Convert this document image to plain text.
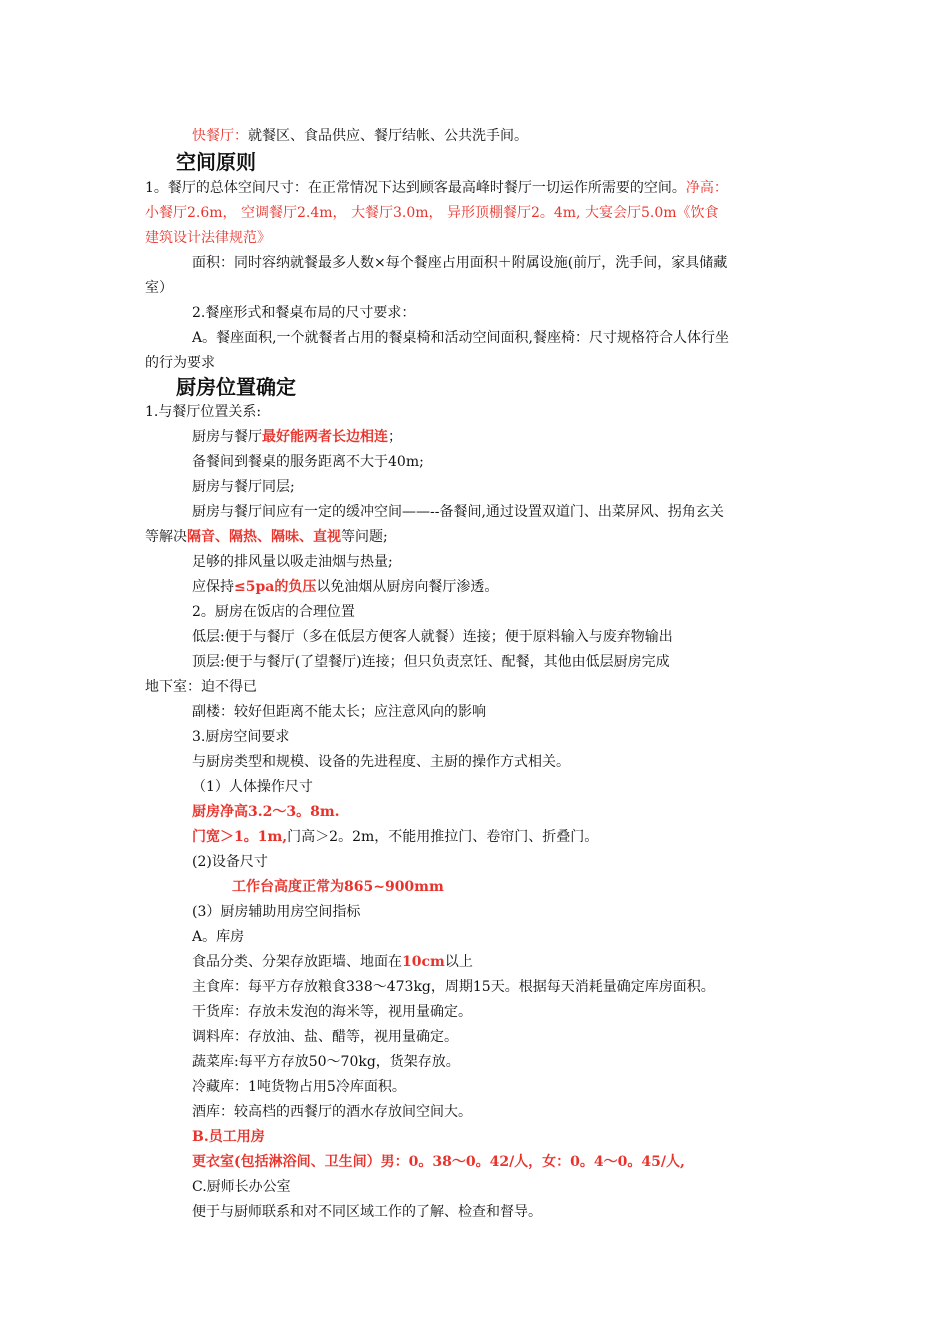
快餐厅：就餐区、食品供应、餐厅结帐、公共洗手间。
空间原则
1。餐厅的总体空间尺寸：在正常情况下达到顾客最高峰时餐厅一切运作所需要的空间。净高：
小餐厅2.6m， 空调餐厅2.4m， 大餐厅3.0m， 异形顶棚餐厅2。4m, 大宴会厅5.0m《饮食
建筑设计法律规范》
面积：同时容纳就餐最多人数×每个餐座占用面积＋附属设施(前厅，洗手间，家具储藏
室）
2.餐座形式和餐桌布局的尺寸要求：
A。餐座面积,一个就餐者占用的餐桌椅和活动空间面积,餐座椅：尺寸规格符合人体行坐
的行为要求
厨房位置确定
1.与餐厅位置关系:
厨房与餐厅最好能两者长边相连；
备餐间到餐桌的服务距离不大于40m;
厨房与餐厅同层;
厨房与餐厅间应有一定的缓冲空间——--备餐间,通过设置双道门、出菜屏风、拐角玄关
等解决隔音、隔热、隔味、直视等问题;
足够的排风量以吸走油烟与热量;
应保持≤5pa的负压以免油烟从厨房向餐厅渗透。
2。厨房在饭店的合理位置
低层:便于与餐厅（多在低层方便客人就餐）连接；便于原料输入与废弃物输出
顶层:便于与餐厅(了望餐厅)连接；但只负责烹饪、配餐，其他由低层厨房完成
地下室：迫不得已
副楼：较好但距离不能太长；应注意风向的影响
3.厨房空间要求
与厨房类型和规模、设备的先进程度、主厨的操作方式相关。
（1）人体操作尺寸
厨房净高3.2～3。8m.
门宽＞1。1m,门高＞2。2m，不能用推拉门、卷帘门、折叠门。
(2)设备尺寸
工作台高度正常为865~900mm
(3）厨房辅助用房空间指标
A。库房
食品分类、分架存放距墙、地面在10cm以上
主食库：每平方存放粮食338～473kg，周期15天。根据每天消耗量确定库房面积。
干货库：存放未发泡的海米等，视用量确定。
调料库：存放油、盐、醋等，视用量确定。
蔬菜库:每平方存放50～70kg，货架存放。
冷藏库：1吨货物占用5冷库面积。
酒库：较高档的西餐厅的酒水存放间空间大。
B.员工用房
更衣室(包括淋浴间、卫生间）男：0。38～0。42/人，女：0。4～0。45/人,
C.厨师长办公室
便于与厨师联系和对不同区域工作的了解、检查和督导。
